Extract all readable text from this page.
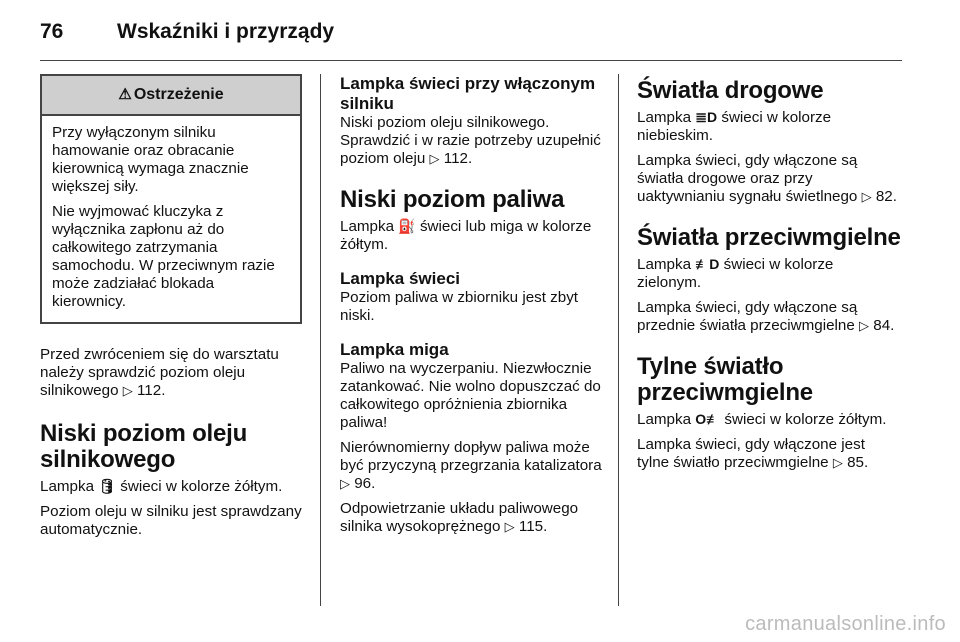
76	Wskaźniki i przyrządy
⚠ Ostrzeżenie

Przy wyłączonym silniku hamowanie oraz obracanie kierownicą wymaga znacznie większej siły.

Nie wyjmować kluczyka z wyłącznika zapłonu aż do całkowitego zatrzymania samochodu. W przeciwnym razie może zadziałać blokada kierownicy.

Przed zwróceniem się do warsztatu należy sprawdzić poziom oleju silnikowego ▷ 112.

Niski poziom oleju silnikowego

Lampka 🛢 świeci w kolorze żółtym.

Poziom oleju w silniku jest sprawdzany automatycznie.

Lampka świeci przy włączonym silniku

Niski poziom oleju silnikowego. Sprawdzić i w razie potrzeby uzupełnić poziom oleju ▷ 112.

Niski poziom paliwa

Lampka ⛽ świeci lub miga w kolorze żółtym.

Lampka świeci

Poziom paliwa w zbiorniku jest zbyt niski.

Lampka miga

Paliwo na wyczerpaniu. Niezwłocznie zatankować. Nie wolno dopuszczać do całkowitego opróżnienia zbiornika paliwa!

Nierównomierny dopływ paliwa może być przyczyną przegrzania katalizatora ▷ 96.

Odpowietrzanie układu paliwowego silnika wysokoprężnego ▷ 115.

Światła drogowe

Lampka ≣D świeci w kolorze niebieskim.

Lampka świeci, gdy włączone są światła drogowe oraz przy uaktywnianiu sygnału świetlnego ▷ 82.

Światła przeciwmgielne

Lampka ≢D świeci w kolorze zielonym.

Lampka świeci, gdy włączone są przednie światła przeciwmgielne ▷ 84.

Tylne światło przeciwmgielne

Lampka O≢ świeci w kolorze żółtym.

Lampka świeci, gdy włączone jest tylne światło przeciwmgielne ▷ 85.

carmanualsonline.info
